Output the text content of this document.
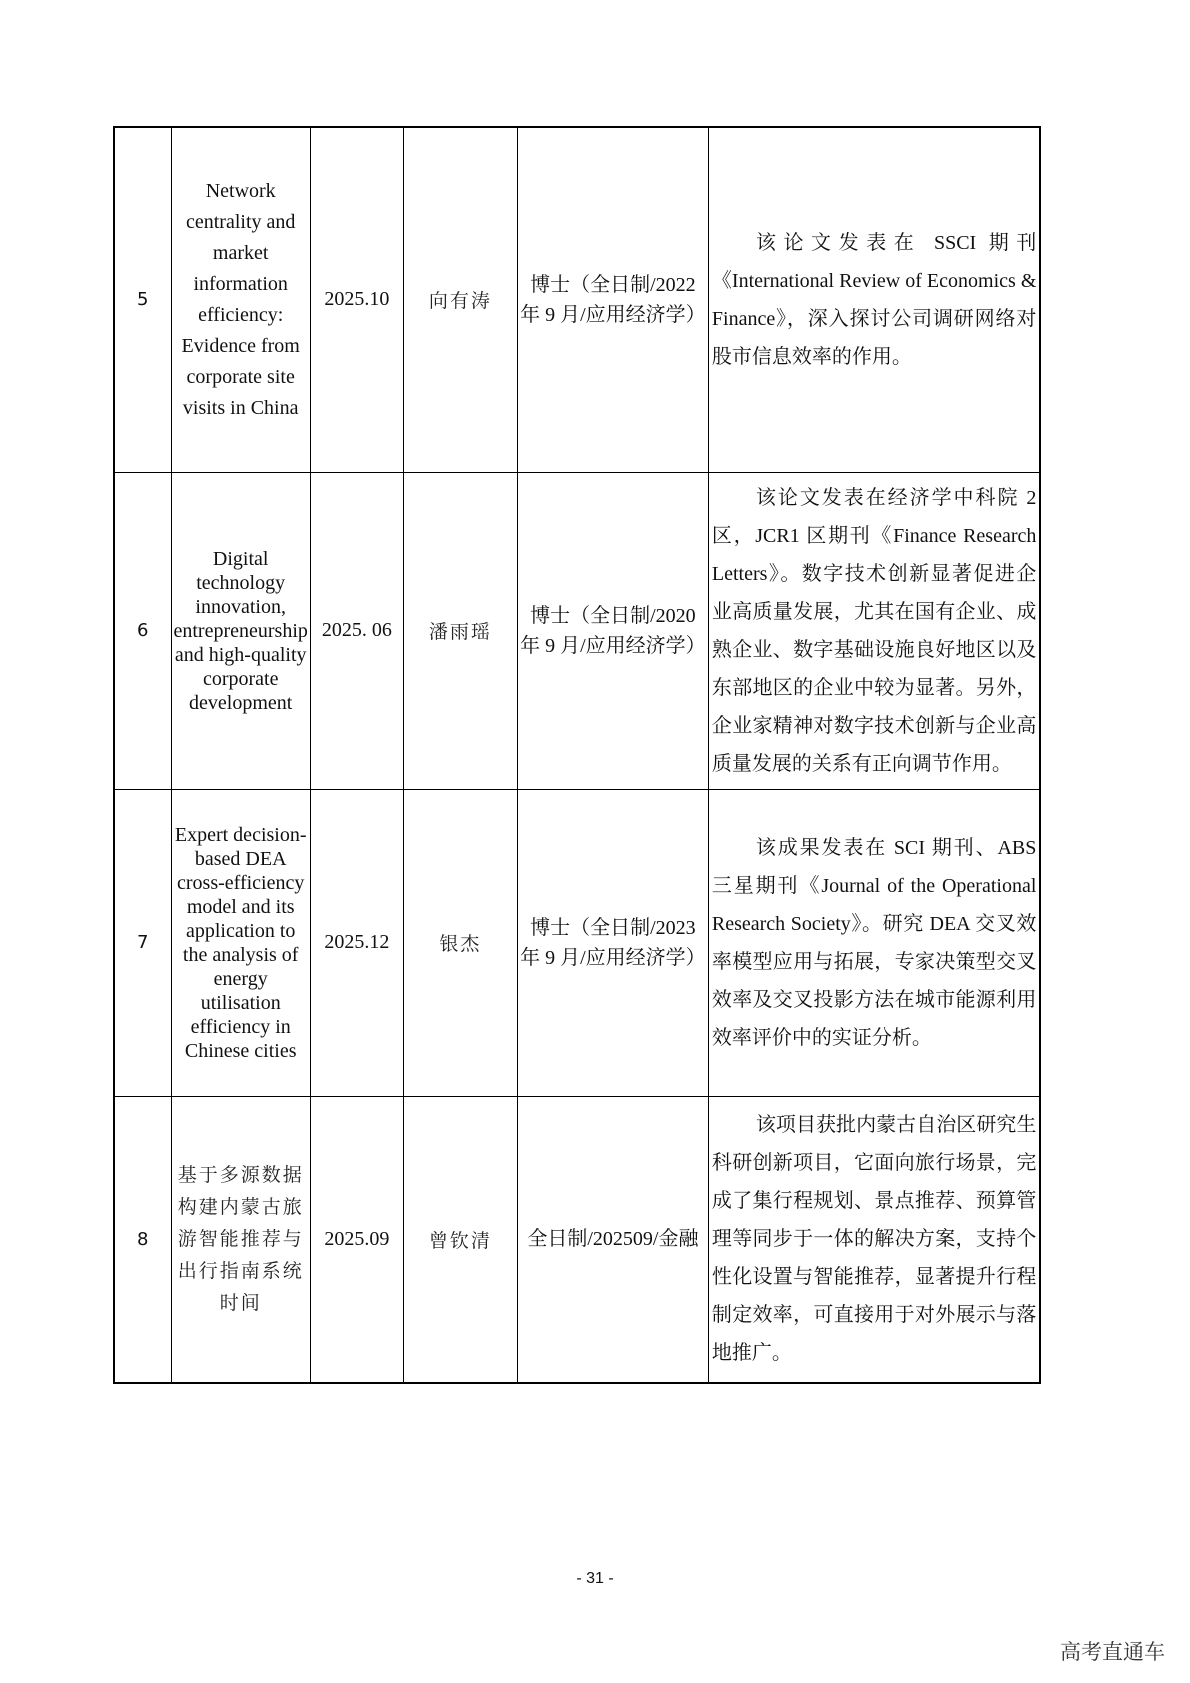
5	Network centrality and market information efficiency: Evidence from corporate site visits in China	2025.10	向有涛	博士（全日制/2022 年 9 月/应用经济学）	该论文发表在 SSCI 期刊《International Review of Economics & Finance》，深入探讨公司调研网络对股市信息效率的作用。
6	Digital technology innovation, entrepreneurship and high-quality corporate development	2025. 06	潘雨瑶	博士（全日制/2020 年 9 月/应用经济学）	该论文发表在经济学中科院 2 区，JCR1 区期刊《Finance Research Letters》。数字技术创新显著促进企业高质量发展，尤其在国有企业、成熟企业、数字基础设施良好地区以及东部地区的企业中较为显著。另外，企业家精神对数字技术创新与企业高质量发展的关系有正向调节作用。
7	Expert decision-based DEA cross-efficiency model and its application to the analysis of energy utilisation efficiency in Chinese cities	2025.12	银杰	博士（全日制/2023 年 9 月/应用经济学）	该成果发表在 SCI 期刊、ABS 三星期刊《Journal of the Operational Research Society》。研究 DEA 交叉效率模型应用与拓展，专家决策型交叉效率及交叉投影方法在城市能源利用效率评价中的实证分析。
8	基于多源数据构建内蒙古旅游智能推荐与出行指南系统时间	2025.09	曾钦清	全日制/202509/金融	该项目获批内蒙古自治区研究生科研创新项目，它面向旅行场景，完成了集行程规划、景点推荐、预算管理等同步于一体的解决方案，支持个性化设置与智能推荐，显著提升行程制定效率，可直接用于对外展示与落地推广。
- 31 -
高考直通车
